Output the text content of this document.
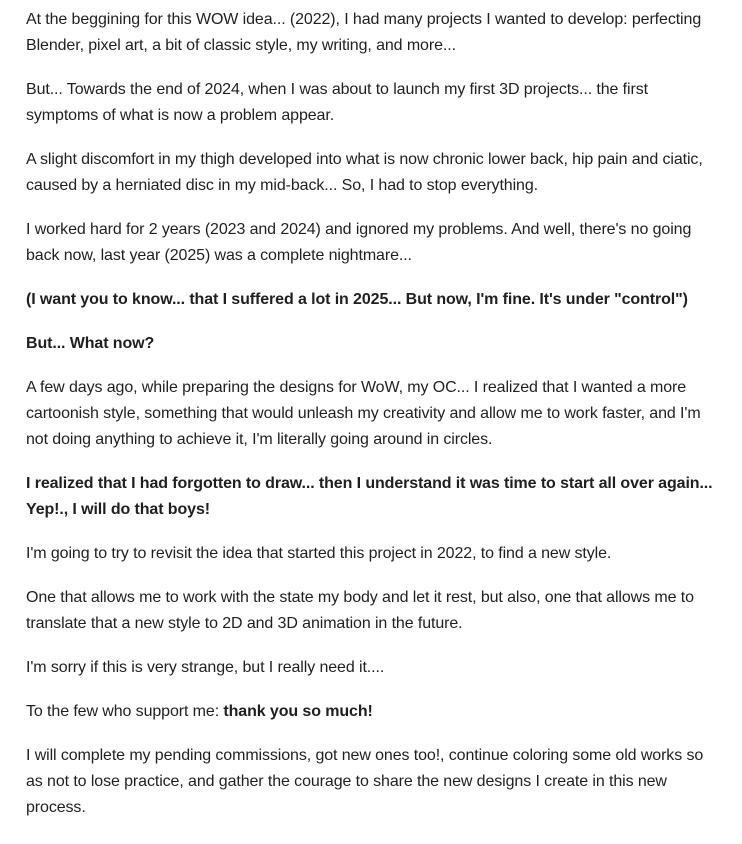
At the beggining for this WOW idea... (2022), I had many projects I wanted to develop: perfecting Blender, pixel art, a bit of classic style, my writing, and more...

But... Towards the end of 2024, when I was about to launch my first 3D projects... the first symptoms of what is now a problem appear.

A slight discomfort in my thigh developed into what is now chronic lower back, hip pain and ciatic, caused by a herniated disc in my mid-back... So, I had to stop everything.

I worked hard for 2 years (2023 and 2024) and ignored my problems. And well, there's no going back now, last year (2025) was a complete nightmare...

(I want you to know... that I suffered a lot in 2025... But now, I'm fine. It's under "control")

But... What now?

A few days ago, while preparing the designs for WoW, my OC... I realized that I wanted a more cartoonish style, something that would unleash my creativity and allow me to work faster, and I'm not doing anything to achieve it, I'm literally going around in circles.

I realized that I had forgotten to draw... then I understand it was time to start all over again... Yep!., I will do that boys!

I'm going to try to revisit the idea that started this project in 2022, to find a new style.

One that allows me to work with the state my body and let it rest, but also, one that allows me to translate that a new style to 2D and 3D animation in the future.

I'm sorry if this is very strange, but I really need it....

To the few who support me: thank you so much!

I will complete my pending commissions, got new ones too!, continue coloring some old works so as not to lose practice, and gather the courage to share the new designs I create in this new process.
